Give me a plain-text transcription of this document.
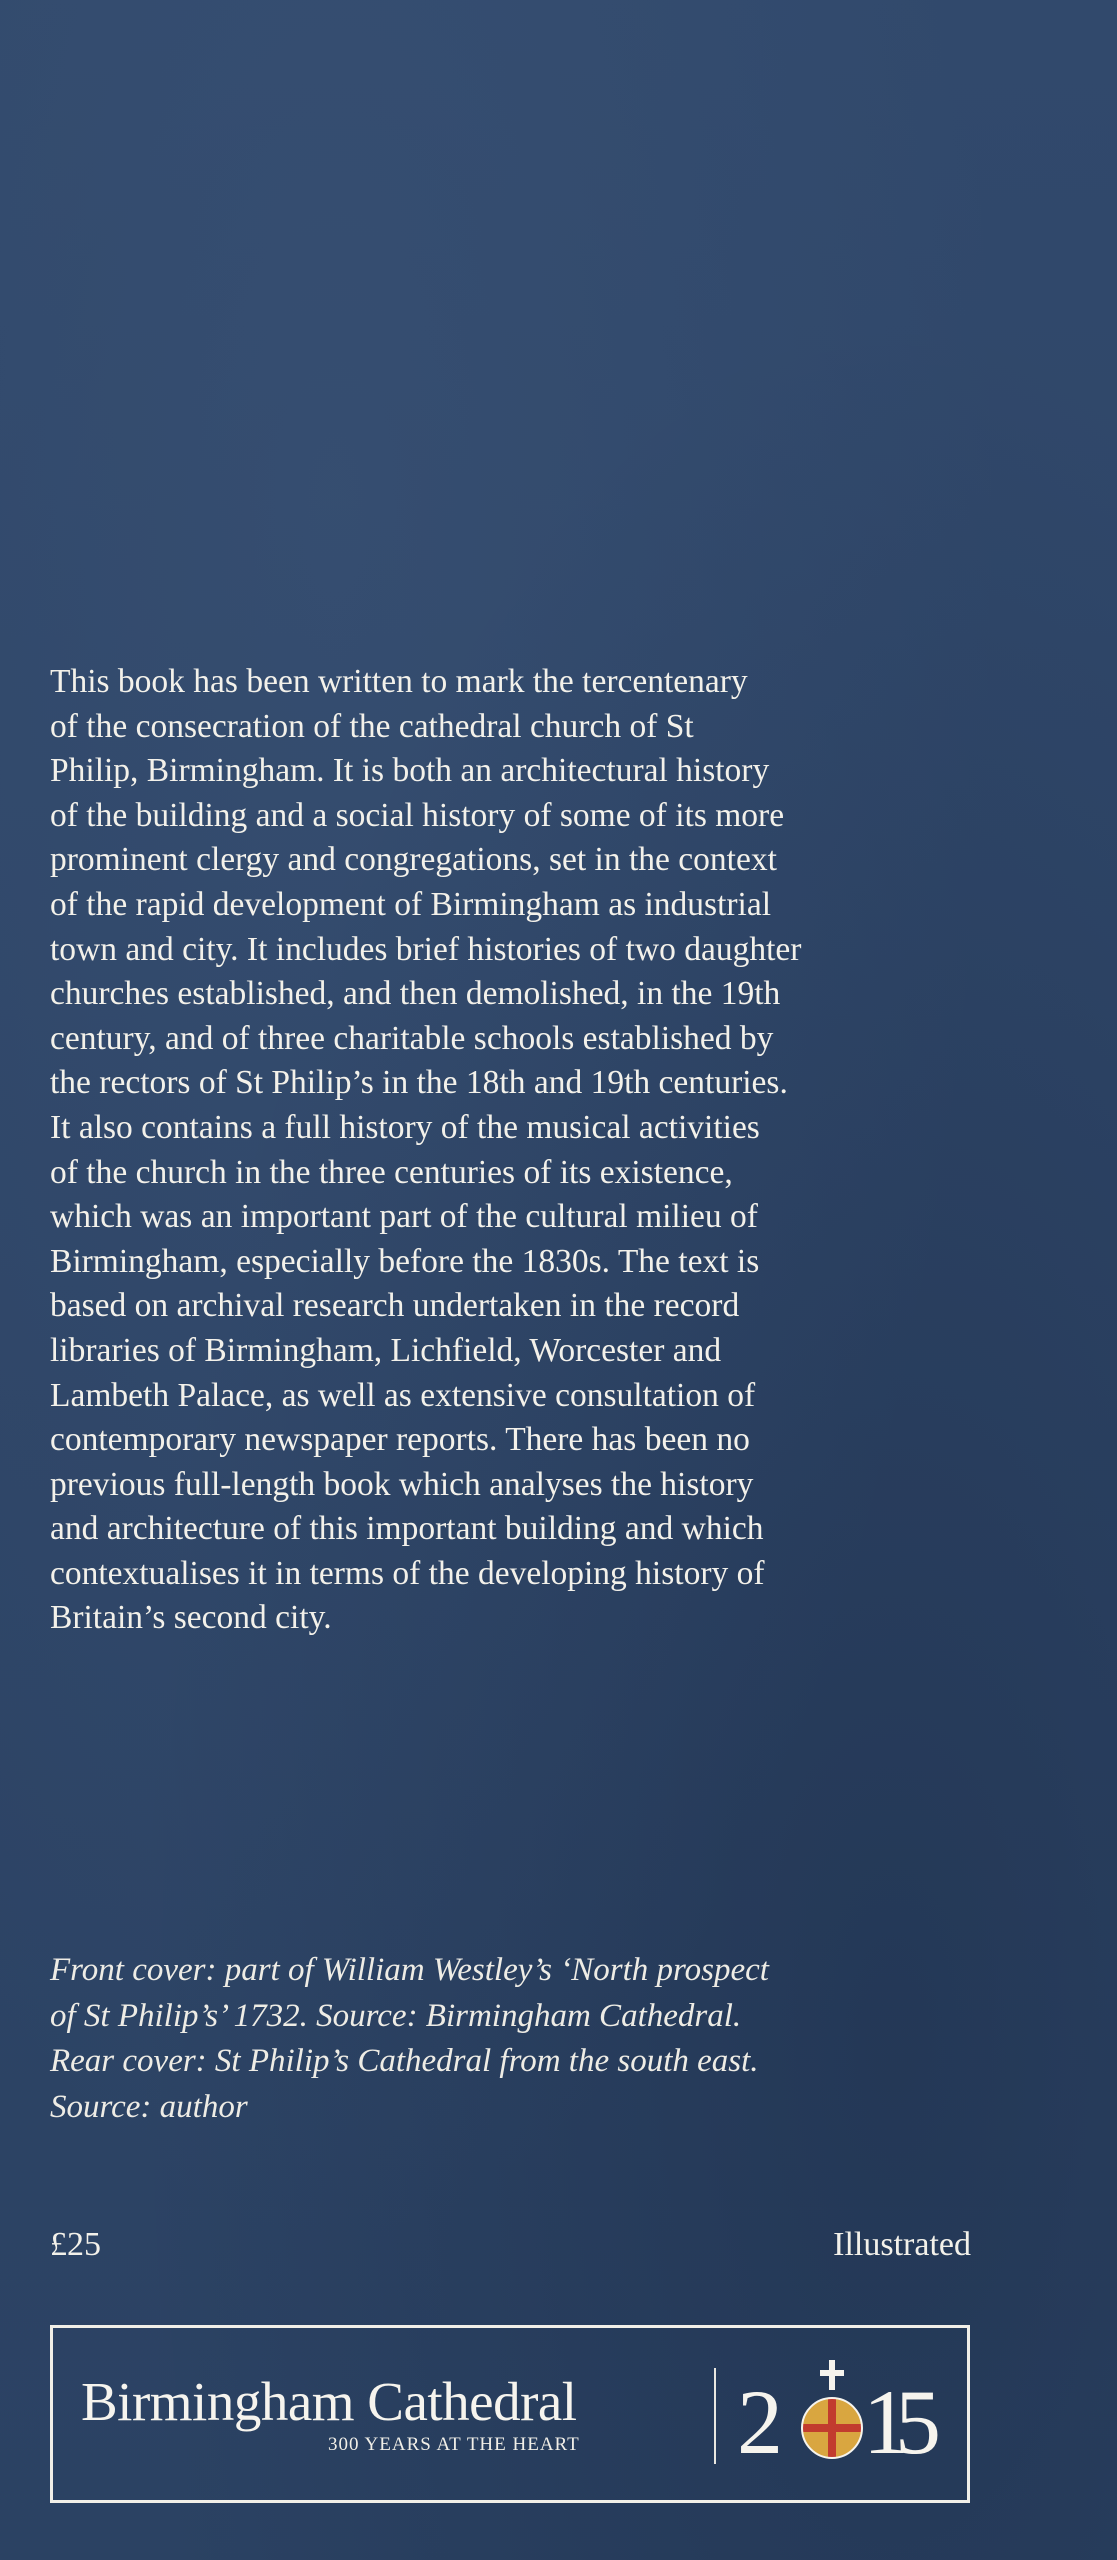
This book has been written to mark the tercentenary
of the consecration of the cathedral church of St
Philip, Birmingham. It is both an architectural history
of the building and a social history of some of its more
prominent clergy and congregations, set in the context
of the rapid development of Birmingham as industrial
town and city. It includes brief histories of two daughter
churches established, and then demolished, in the 19th
century, and of three charitable schools established by
the rectors of St Philip’s in the 18th and 19th centuries.
It also contains a full history of the musical activities
of the church in the three centuries of its existence,
which was an important part of the cultural milieu of
Birmingham, especially before the 1830s. The text is
based on archival research undertaken in the record
libraries of Birmingham, Lichfield, Worcester and
Lambeth Palace, as well as extensive consultation of
contemporary newspaper reports. There has been no
previous full-length book which analyses the history
and architecture of this important building and which
contextualises it in terms of the developing history of
Britain’s second city.
Front cover: part of William Westley’s ‘North prospect
of St Philip’s’ 1732. Source: Birmingham Cathedral.
Rear cover: St Philip’s Cathedral from the south east.
Source: author
£25	Illustrated
Birmingham Cathedral
300 YEARS AT THE HEART 2 1
5
